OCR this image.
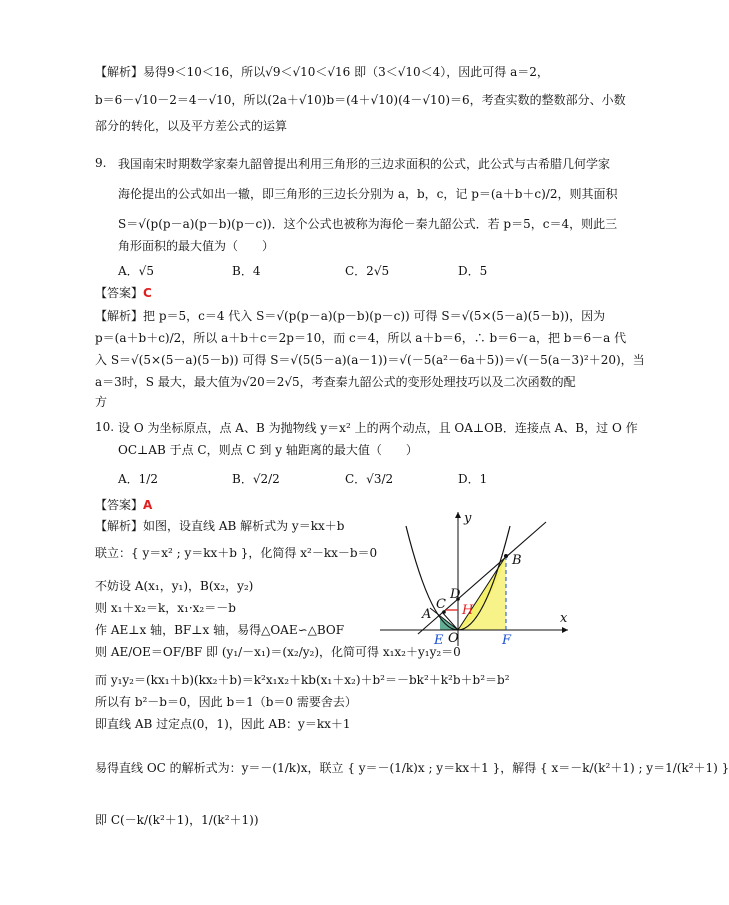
【解析】易得9＜10＜16，所以√9＜√10＜√16 即（3＜√10＜4），因此可得 a＝2，
b＝6－√10－2＝4－√10，所以(2a＋√10)b＝(4＋√10)(4－√10)＝6，考查实数的整数部分、小数
部分的转化，以及平方差公式的运算
9. 我国南宋时期数学家秦九韶曾提出利用三角形的三边求面积的公式，此公式与古希腊几何学家
海伦提出的公式如出一辙，即三角形的三边长分别为 a，b，c，记 p＝(a＋b＋c)/2，则其面积
S＝√(p(p－a)(p－b)(p－c))．这个公式也被称为海伦－秦九韶公式．若 p＝5，c＝4，则此三
角形面积的最大值为（　　）
A．√5	B．4	C．2√5	D．5
【答案】C
【解析】把 p＝5，c＝4 代入 S＝√(p(p－a)(p－b)(p－c)) 可得 S＝√(5×(5－a)(5－b))，因为
p＝(a＋b＋c)/2，所以 a＋b＋c＝2p＝10，而 c＝4，所以 a＋b＝6，∴ b＝6－a，把 b＝6－a 代
入 S＝√(5×(5－a)(5－b)) 可得 S＝√(5(5－a)(a－1))＝√(－5(a²－6a＋5))＝√(－5(a－3)²＋20)，当
a＝3时，S 最大，最大值为√20＝2√5，考查秦九韶公式的变形处理技巧以及二次函数的配
方
10. 设 O 为坐标原点，点 A、B 为抛物线 y＝x² 上的两个动点，且 OA⊥OB．连接点 A、B，过 O 作
OC⊥AB 于点 C，则点 C 到 y 轴距离的最大值（　　）
A．1/2	B．√2/2	C．√3/2	D．1
【答案】A
【解析】如图，设直线 AB 解析式为 y＝kx＋b
联立：{ y＝x² ; y＝kx＋b }，化简得 x²－kx－b＝0
不妨设 A(x₁，y₁)，B(x₂，y₂)
则 x₁＋x₂＝k，x₁·x₂＝－b
作 AE⊥x 轴，BF⊥x 轴，易得△OAE∽△BOF
则 AE/OE＝OF/BF 即 (y₁/－x₁)＝(x₂/y₂)，化简可得 x₁x₂＋y₁y₂＝0
而 y₁y₂＝(kx₁＋b)(kx₂＋b)＝k²x₁x₂＋kb(x₁＋x₂)＋b²＝－bk²＋k²b＋b²＝b²
所以有 b²－b＝0，因此 b＝1（b＝0 需要舍去）
即直线 AB 过定点(0，1)，因此 AB：y＝kx＋1
易得直线 OC 的解析式为：y＝－(1/k)x，联立 { y＝－(1/k)x ; y＝kx＋1 }，解得 { x＝－k/(k²＋1) ; y＝1/(k²＋1) }
即 C(－k/(k²＋1)，1/(k²＋1))
y
x
O
A
B
C
D
H
E	F
